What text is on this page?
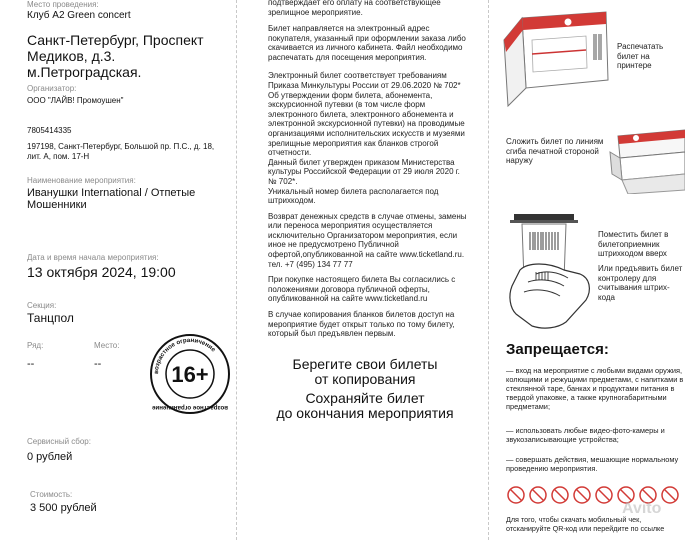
Место проведения:
Клуб A2 Green concert
Санкт-Петербург, Проспект Медиков, д.3. м.Петроградская.
Организатор:
ООО "ЛАЙВ! Промоушен"
7805414335
197198, Санкт-Петербург, Большой пр. П.С., д. 18, лит. А, пом. 17-Н
Наименование мероприятия:
Иванушки International / Отпетые Мошенники
Дата и время начала мероприятия:
13 октября 2024, 19:00
Секция:
Танцпол
Ряд:
--
Место:
--
возрастное ограничение
возрастное ограничение
16+
Сервисный сбор:
0 рублей
Стоимость:
3 500 рублей

подтверждает его оплату на соответствующее зрелищное мероприятие.

Билет направляется на электронный адрес покупателя, указанный при оформлении заказа либо скачивается из личного кабинета. Файл необходимо распечатать для посещения мероприятия.

Электронный билет соответствует требованиям Приказа Минкультуры России от 29.06.2020 № 702* Об утверждении форм билета, абонемента, экскурсионной путевки (в том числе форм электронного билета, электронного абонемента и электронной экскурсионной путевки) на проводимые организациями исполнительских искусств и музеями зрелищные мероприятия как бланков строгой отчетности.

Данный билет утвержден приказом Министерства культуры Российской Федерации от 29 июля 2020 г. № 702*.

Уникальный номер билета располагается под штрихкодом.

Возврат денежных средств в случае отмены, замены или переноса мероприятия осуществляется исключительно Организатором мероприятия, если иное не предусмотрено Публичной офертой,опубликованной на сайте www.ticketland.ru. тел. +7 (495) 134 77 77

При покупке настоящего билета Вы согласились с положениями договора публичной оферты, опубликованной на сайте www.ticketland.ru

В случае копирования бланков билетов доступ на мероприятие будет открыт только по тому билету, который был предъявлен первым.

Берегите свои билеты
от копирования
Сохраняйте билет
до окончания мероприятия
Распечатать билет на принтере
Сложить билет по линиям сгиба печатной стороной наружу
Поместить билет в билетоприемник штрихкодом вверх
Или предъявить билет контролеру для считывания штрих-кода
Запрещается:
— вход на мероприятие с любыми видами оружия, колющими и режущими предметами, с напитками в стеклянной таре, банках и продуктами питания в твердой упаковке, а также крупногабаритными предметами;
— использовать любые видео-фото-камеры и звукозаписывающие устройства;
— совершать действия, мешающие нормальному проведению мероприятия.
Для того, чтобы скачать мобильный чек, отсканируйте QR-код или перейдите по ссылке
Avito
